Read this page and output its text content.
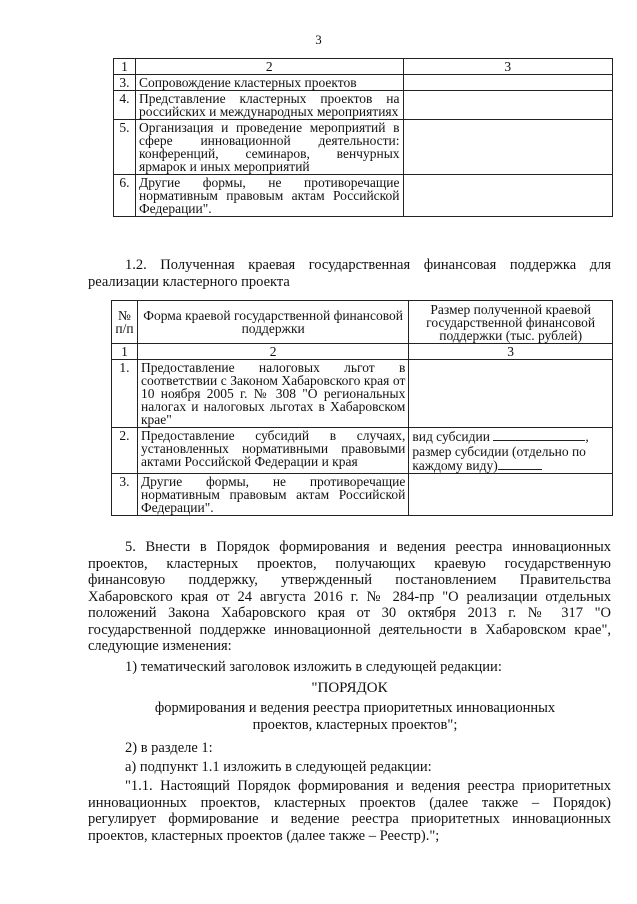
3
1	2	3
3.	Сопровождение кластерных проектов	
4.	Представление кластерных проектов на российских и международных мероприятиях	
5.	Организация и проведение мероприятий в сфере инновационной деятельности: конференций, семинаров, венчурных ярмарок и иных мероприятий	
6.	Другие формы, не противоречащие нормативным правовым актам Российской Федерации".	
1.2. Полученная краевая государственная финансовая поддержка для реализации кластерного проекта
№ п/п	Форма краевой государственной финансовой поддержки	Размер полученной краевой государственной финансовой поддержки (тыс. рублей)
1	2	3
1.	Предоставление налоговых льгот в соответствии с Законом Хабаровского края от 10 ноября 2005 г. № 308 "О региональных налогах и налоговых льготах в Хабаровском крае"	
2.	Предоставление субсидий в случаях, установленных нормативными правовыми актами Российской Федерации и края	вид субсидии ,
размер субсидии (отдельно по каждому виду)

3.	Другие формы, не противоречащие нормативным правовым актам Российской Федерации".	
5. Внести в Порядок формирования и ведения реестра инновационных проектов, кластерных проектов, получающих краевую государственную финансовую поддержку, утвержденный постановлением Правительства Хабаровского края от 24 августа 2016 г. № 284-пр "О реализации отдельных положений Закона Хабаровского края от 30 октября 2013 г. № 317 "О государственной поддержке инновационной деятельности в Хабаровском крае", следующие изменения:
1) тематический заголовок изложить в следующей редакции:
"ПОРЯДОК
формирования и ведения реестра приоритетных инновационных проектов, кластерных проектов";
2) в разделе 1:
а) подпункт 1.1 изложить в следующей редакции:
"1.1. Настоящий Порядок формирования и ведения реестра приоритетных инновационных проектов, кластерных проектов (далее также – Порядок) регулирует формирование и ведение реестра приоритетных инновационных проектов, кластерных проектов (далее также – Реестр).";
